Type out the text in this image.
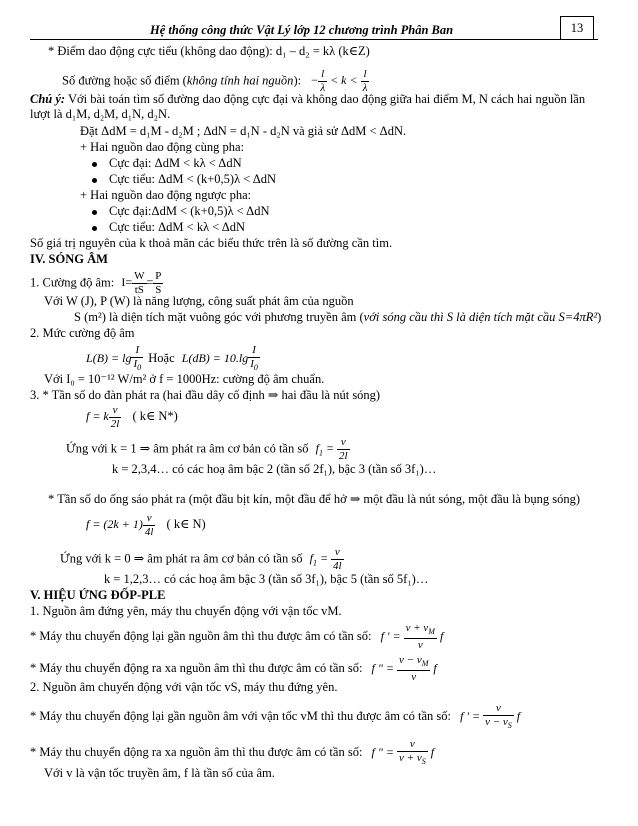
Hệ thống công thức Vật Lý lớp 12 chương trình Phân Ban	13
* Điểm dao động cực tiểu (không dao động): d₁ – d₂ = kλ (k∈Z)
Số đường hoặc số điểm (không tính hai nguồn): − $\frac{l}{\lambda} < k < \frac{l}{\lambda}$
Chú ý: Với bài toán tìm số đường dao động cực đại và không dao động giữa hai điểm M, N cách hai nguồn lần
lượt là d₁M, d₂M, d₁N, d₂N.
Đặt ΔdM = d₁M - d₂M ; ΔdN = d₁N - d₂N và giả sử ΔdM < ΔdN.
+ Hai nguồn dao động cùng pha:
Cực đại: ΔdM < kλ < ΔdN
Cực tiểu: ΔdM < (k+0,5)λ < ΔdN
+ Hai nguồn dao động ngược pha:
Cực đại:ΔdM < (k+0,5)λ < ΔdN
Cực tiểu: ΔdM < kλ < ΔdN
Số giá trị nguyên của k thoả mãn các biểu thức trên là số đường cần tìm.
IV. SÓNG ÂM
1. Cường độ âm: $I= \frac{W}{tS} = \frac{P}{S}$
Với W (J), P (W) là năng lượng, công suất phát âm của nguồn
S (m²) là diện tích mặt vuông góc với phương truyền âm (với sóng cầu thì S là diện tích mặt cầu S=4πR²)
2. Mức cường độ âm
$L(B) = \lg \frac{I}{I_0}$ Hoặc $L(dB) = 10.\lg \frac{I}{I_0}$
Với I₀ = 10⁻¹² W/m² ở f = 1000Hz: cường độ âm chuẩn.
3. * Tần số do đàn phát ra (hai đầu dây cố định ⇒ hai đầu là nút sóng)
f = k $\frac{v}{2l}$ ( k∈ N*)
Ứng với k = 1 ⇒ âm phát ra âm cơ bản có tần số $f_1 = \frac{v}{2l}$
k = 2,3,4… có các hoạ âm bậc 2 (tần số 2f₁), bậc 3 (tần số 3f₁)…
* Tần số do ống sáo phát ra (một đầu bịt kín, một đầu để hở ⇒ một đầu là nút sóng, một đầu là bụng sóng)
$f = (2k + 1) \frac{v}{4l}$ ( k∈ N)
Ứng với k = 0 ⇒ âm phát ra âm cơ bản có tần số $f_1 = \frac{v}{4l}$
k = 1,2,3… có các hoạ âm bậc 3 (tần số 3f₁), bậc 5 (tần số 5f₁)…
V. HIỆU ỨNG ĐỐP-PLE
1. Nguồn âm đứng yên, máy thu chuyển động với vận tốc vM.
* Máy thu chuyển động lại gần nguồn âm thì thu được âm có tần số: f ' = $\frac{v + v_M}{v}$ f
* Máy thu chuyển động ra xa nguồn âm thì thu được âm có tần số: f " = $\frac{v - v_M}{v}$ f
2. Nguồn âm chuyển động với vận tốc vS, máy thu đứng yên.
* Máy thu chuyển động lại gần nguồn âm với vận tốc vM thì thu được âm có tần số: f ' = $\frac{v}{v - v_S}$ f
* Máy thu chuyển động ra xa nguồn âm thì thu được âm có tần số: f " = $\frac{v}{v + v_S}$ f
Với v là vận tốc truyền âm, f là tần số của âm.
